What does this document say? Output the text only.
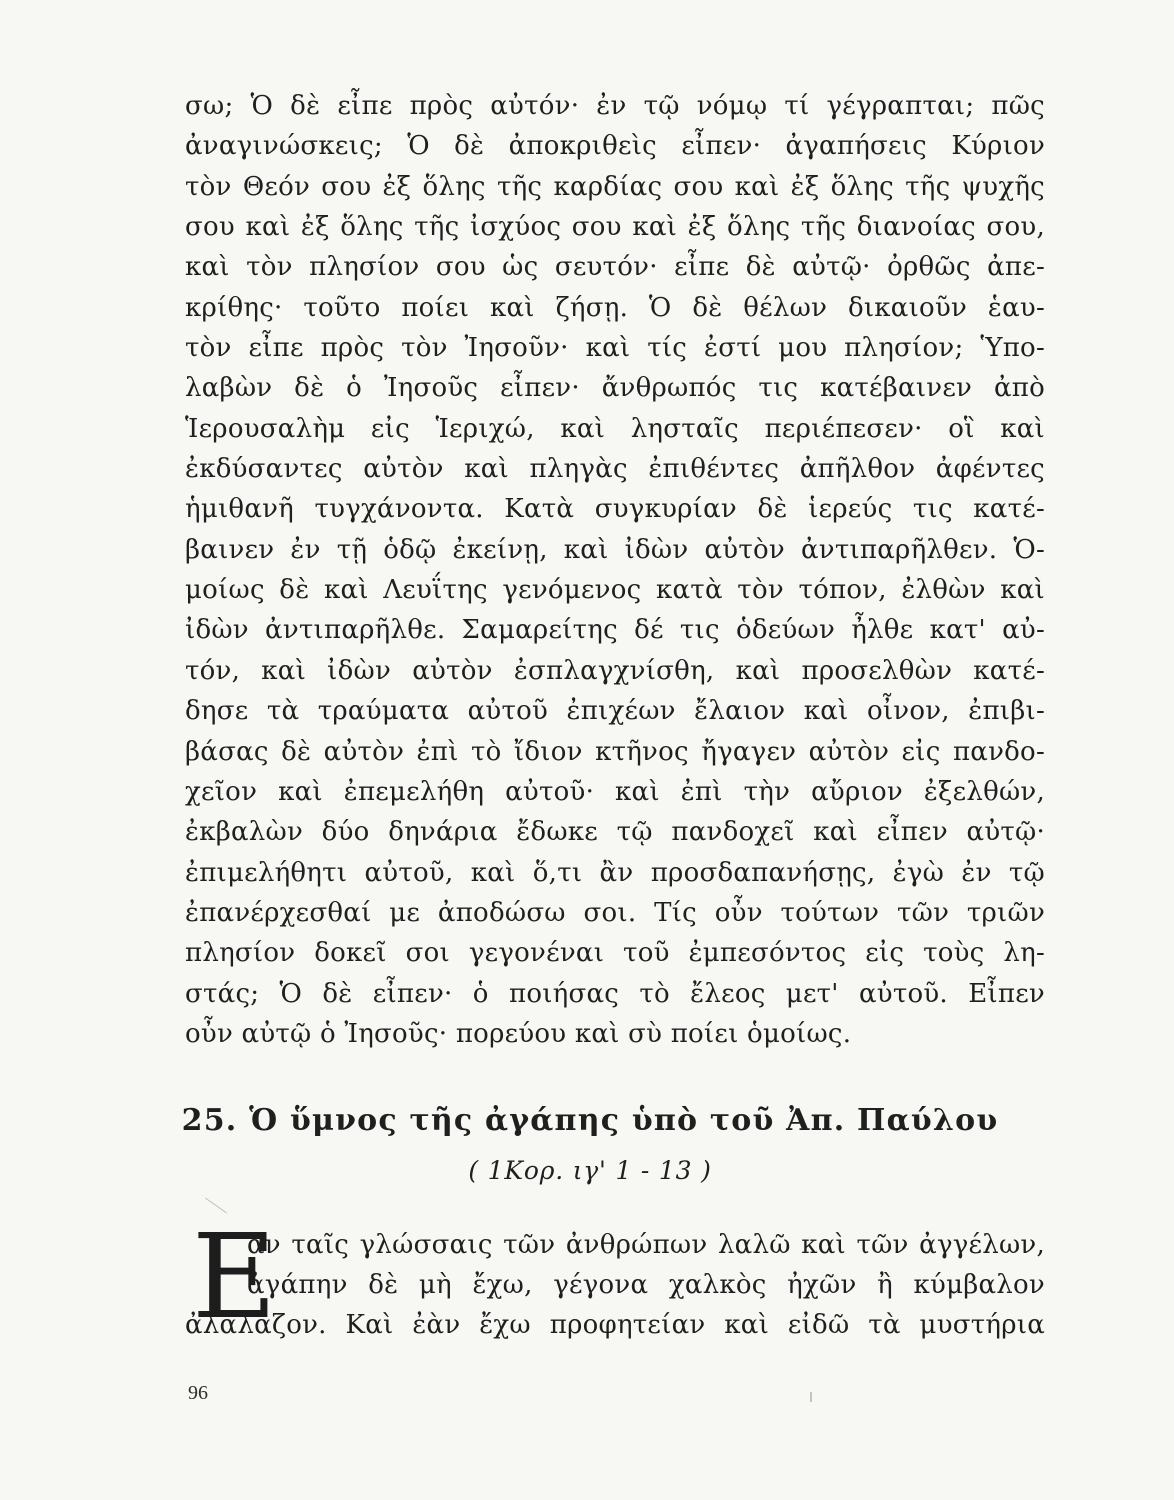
σω; Ὁ δὲ εἶπε πρὸς αὐτόν· ἐν τῷ νόμῳ τί γέγραπται; πῶς
ἀναγινώσκεις; Ὁ δὲ ἀποκριθεὶς εἶπεν· ἀγαπήσεις Κύριον
τὸν Θεόν σου ἐξ ὅλης τῆς καρδίας σου καὶ ἐξ ὅλης τῆς ψυχῆς
σου καὶ ἐξ ὅλης τῆς ἰσχύος σου καὶ ἐξ ὅλης τῆς διανοίας σου,
καὶ τὸν πλησίον σου ὡς σευτόν· εἶπε δὲ αὐτῷ· ὀρθῶς ἀπε-
κρίθης· τοῦτο ποίει καὶ ζήσῃ. Ὁ δὲ θέλων δικαιοῦν ἑαυ-
τὸν εἶπε πρὸς τὸν Ἰησοῦν· καὶ τίς ἐστί μου πλησίον; Ὑπο-
λαβὼν δὲ ὁ Ἰησοῦς εἶπεν· ἄνθρωπός τις κατέβαινεν ἀπὸ
Ἱερουσαλὴμ εἰς Ἱεριχώ, καὶ λησταῖς περιέπεσεν· οἳ καὶ
ἐκδύσαντες αὐτὸν καὶ πληγὰς ἐπιθέντες ἀπῆλθον ἀφέντες
ἡμιθανῆ τυγχάνοντα. Κατὰ συγκυρίαν δὲ ἱερεύς τις κατέ-
βαινεν ἐν τῇ ὁδῷ ἐκείνῃ, καὶ ἰδὼν αὐτὸν ἀντιπαρῆλθεν. Ὁ-
μοίως δὲ καὶ Λευΐτης γενόμενος κατὰ τὸν τόπον, ἐλθὼν καὶ
ἰδὼν ἀντιπαρῆλθε. Σαμαρείτης δέ τις ὁδεύων ἦλθε κατ' αὐ-
τόν, καὶ ἰδὼν αὐτὸν ἐσπλαγχνίσθη, καὶ προσελθὼν κατέ-
δησε τὰ τραύματα αὐτοῦ ἐπιχέων ἔλαιον καὶ οἶνον, ἐπιβι-
βάσας δὲ αὐτὸν ἐπὶ τὸ ἴδιον κτῆνος ἤγαγεν αὐτὸν εἰς πανδο-
χεῖον καὶ ἐπεμελήθη αὐτοῦ· καὶ ἐπὶ τὴν αὔριον ἐξελθών,
ἐκβαλὼν δύο δηνάρια ἔδωκε τῷ πανδοχεῖ καὶ εἶπεν αὐτῷ·
ἐπιμελήθητι αὐτοῦ, καὶ ὅ,τι ἂν προσδαπανήσῃς, ἐγὼ ἐν τῷ
ἐπανέρχεσθαί με ἀποδώσω σοι. Τίς οὖν τούτων τῶν τριῶν
πλησίον δοκεῖ σοι γεγονέναι τοῦ ἐμπεσόντος εἰς τοὺς λη-
στάς; Ὁ δὲ εἶπεν· ὁ ποιήσας τὸ ἔλεος μετ' αὐτοῦ. Εἶπεν
οὖν αὐτῷ ὁ Ἰησοῦς· πορεύου καὶ σὺ ποίει ὁμοίως.
25. Ὁ ὕμνος τῆς ἀγάπης ὑπὸ τοῦ Ἀπ. Παύλου

( 1Κορ. ιγ' 1 - 13 )

Ε
ὰν ταῖς γλώσσαις τῶν ἀνθρώπων λαλῶ καὶ τῶν ἀγγέλων,
ἀγάπην δὲ μὴ ἔχω, γέγονα χαλκὸς ἠχῶν ἢ κύμβαλον
ἀλαλάζον. Καὶ ἐὰν ἔχω προφητείαν καὶ εἰδῶ τὰ μυστήρια

96
